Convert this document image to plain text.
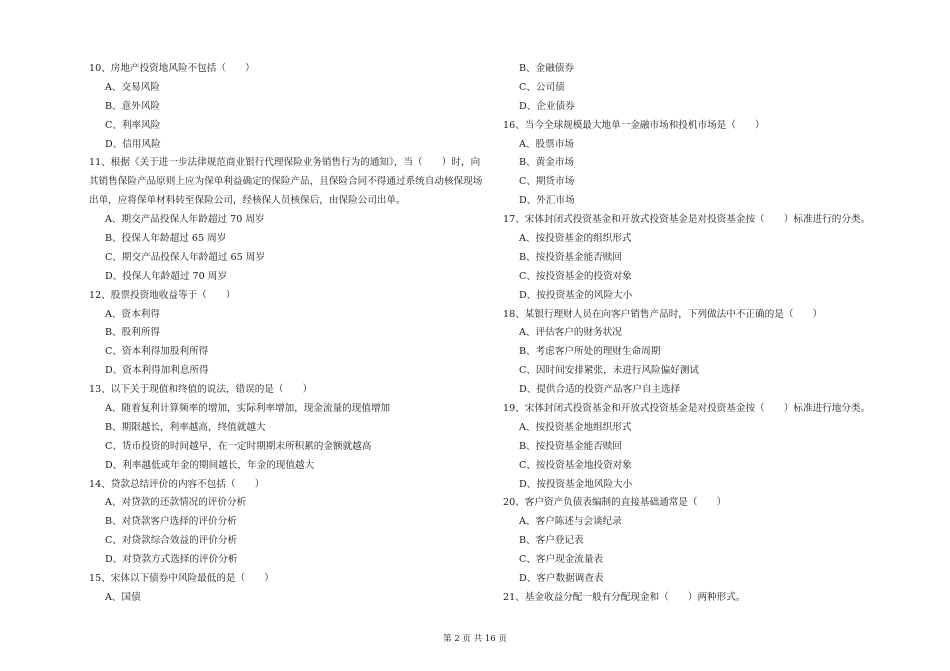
10、房地产投资地风险不包括（　　）
A、交易风险
B、意外风险
C、利率风险
D、信用风险
11、根据《关于进一步法律规范商业银行代理保险业务销售行为的通知》，当（　　）时，向
其销售保险产品原则上应为保单利益确定的保险产品，且保险合同不得通过系统自动核保现场
出单，应将保单材料转至保险公司，经核保人员核保后，由保险公司出单。
A、期交产品投保人年龄超过 70 周岁
B、投保人年龄超过 65 周岁
C、期交产品投保人年龄超过 65 周岁
D、投保人年龄超过 70 周岁
12、股票投资地收益等于（　　）
A、资本利得
B、股利所得
C、资本利得加股利所得
D、资本利得加利息所得
13、以下关于现值和终值的说法，错误的是（　　）
A、随着复利计算频率的增加，实际利率增加，现金流量的现值增加
B、期限越长，利率越高，终值就越大
C、货币投资的时间越早，在一定时期期末所积累的金额就越高
D、利率越低或年金的期间越长，年金的现值越大
14、贷款总结评价的内容不包括（　　）
A、对贷款的还款情况的评价分析
B、对贷款客户选择的评价分析
C、对贷款综合效益的评价分析
D、对贷款方式选择的评价分析
15、宋体以下债券中风险最低的是（　　）
A、国债
B、金融债券
C、公司债
D、企业债券
16、当今全球规模最大地单一金融市场和投机市场是（　　）
A、股票市场
B、黄金市场
C、期货市场
D、外汇市场
17、宋体封闭式投资基金和开放式投资基金是对投资基金按（　　）标准进行的分类。
A、按投资基金的组织形式
B、按投资基金能否赎回
C、按投资基金的投资对象
D、按投资基金的风险大小
18、某银行理财人员在向客户销售产品时，下列做法中不正确的是（　　）
A、评估客户的财务状况
B、考虑客户所处的理财生命周期
C、因时间安排紧张，未进行风险偏好测试
D、提供合适的投资产品客户自主选择
19、宋体封闭式投资基金和开放式投资基金是对投资基金按（　　）标准进行地分类。
A、按投资基金地组织形式
B、按投资基金能否赎回
C、按投资基金地投资对象
D、按投资基金地风险大小
20、客户资产负债表编制的直接基础通常是（　　）
A、客户陈述与会谈纪录
B、客户登记表
C、客户现金流量表
D、客户数据调查表
21、基金收益分配一般有分配现金和（　　）两种形式。
第 2 页 共 16 页
